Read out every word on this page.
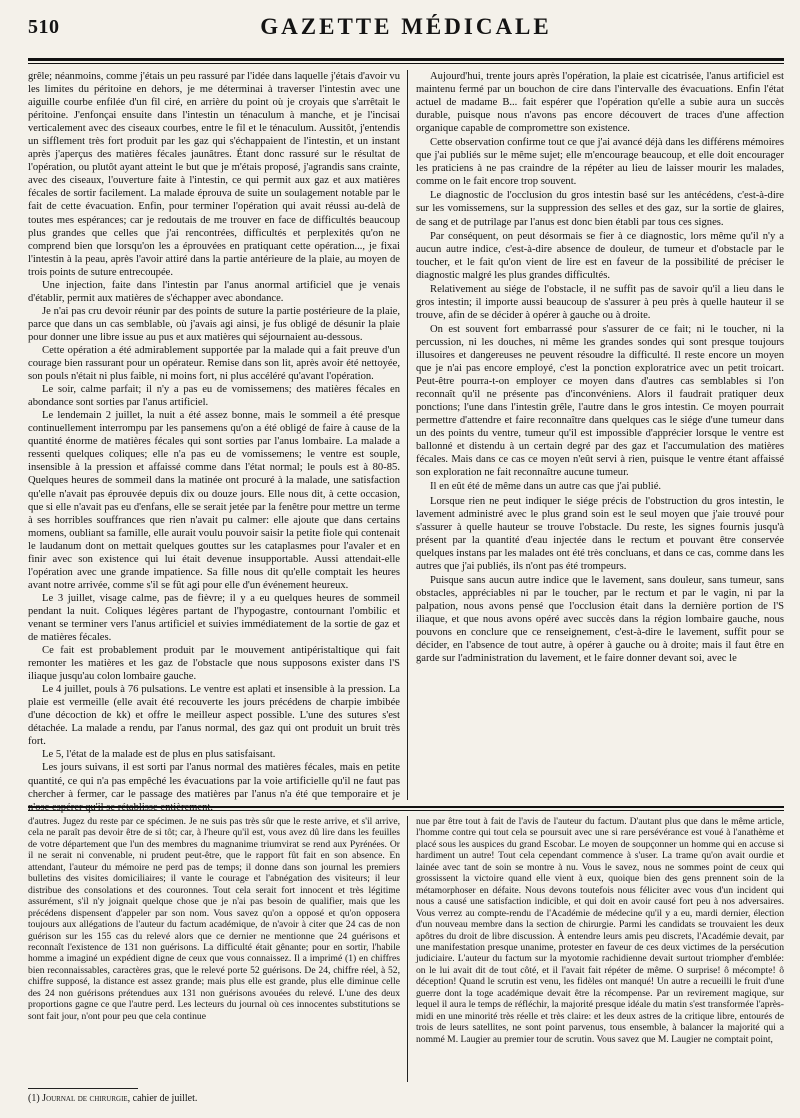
510	GAZETTE MÉDICALE

grêle; néanmoins, comme j'étais un peu rassuré par l'idée dans laquelle j'étais d'avoir vu les limites du péritoine en dehors, je me déterminai à traverser l'intestin avec une aiguille courbe enfilée d'un fil ciré, en arrière du point où je croyais que s'arrêtait le péritoine. J'enfonçai ensuite dans l'intestin un ténaculum à manche, et je l'incisai verticalement avec des ciseaux courbes, entre le fil et le ténaculum. Aussitôt, j'entendis un sifflement très fort produit par les gaz qui s'échappaient de l'intestin, et un instant après j'aperçus des matières fécales jaunâtres. Étant donc rassuré sur le résultat de l'opération, ou plutôt ayant atteint le but que je m'étais proposé, j'agrandis sans crainte, avec des ciseaux, l'ouverture faite à l'intestin, ce qui permit aux gaz et aux matières fécales de sortir facilement. La malade éprouva de suite un soulagement notable par le fait de cette évacuation. Enfin, pour terminer l'opération qui avait réussi au-delà de toutes mes espérances; car je redoutais de me trouver en face de difficultés beaucoup plus grandes que celles que j'ai rencontrées, difficultés et perplexités qu'on ne comprend bien que lorsqu'on les a éprouvées en pratiquant cette opération..., je fixai l'intestin à la peau, après l'avoir attiré dans la partie antérieure de la plaie, au moyen de trois points de suture entrecoupée.

Une injection, faite dans l'intestin par l'anus anormal artificiel que je venais d'établir, permit aux matières de s'échapper avec abondance.

Je n'ai pas cru devoir réunir par des points de suture la partie postérieure de la plaie, parce que dans un cas semblable, où j'avais agi ainsi, je fus obligé de désunir la plaie pour donner une libre issue au pus et aux matières qui séjournaient au-dessous.

Cette opération a été admirablement supportée par la malade qui a fait preuve d'un courage bien rassurant pour un opérateur. Remise dans son lit, après avoir été nettoyée, son pouls n'était ni plus faible, ni moins fort, ni plus accéléré qu'avant l'opération.

Le soir, calme parfait; il n'y a pas eu de vomissemens; des matières fécales en abondance sont sorties par l'anus artificiel.

Le lendemain 2 juillet, la nuit a été assez bonne, mais le sommeil a été presque continuellement interrompu par les pansemens qu'on a été obligé de faire à cause de la quantité énorme de matières fécales qui sont sorties par l'anus lombaire. La malade a ressenti quelques coliques; elle n'a pas eu de vomissemens; le ventre est souple, insensible à la pression et affaissé comme dans l'état normal; le pouls est à 80-85. Quelques heures de sommeil dans la matinée ont procuré à la malade, une satisfaction qu'elle n'avait pas éprouvée depuis dix ou douze jours. Elle nous dit, à cette occasion, que si elle n'avait pas eu d'enfans, elle se serait jetée par la fenêtre pour mettre un terme à ses horribles souffrances que rien n'avait pu calmer: elle ajoute que dans certains momens, oubliant sa famille, elle aurait voulu pouvoir saisir la petite fiole qui contenait le laudanum dont on mettait quelques gouttes sur les cataplasmes pour l'avaler et en finir avec son existence qui lui était devenue insupportable. Aussi attendait-elle l'opération avec une grande impatience. Sa fille nous dit qu'elle comptait les heures avant notre arrivée, comme s'il se fût agi pour elle d'un événement heureux.

Le 3 juillet, visage calme, pas de fièvre; il y a eu quelques heures de sommeil pendant la nuit. Coliques légères partant de l'hypogastre, contournant l'ombilic et venant se terminer vers l'anus artificiel et suivies immédiatement de la sortie de gaz et de matières fécales.

Ce fait est probablement produit par le mouvement antipéristaltique qui fait remonter les matières et les gaz de l'obstacle que nous supposons exister dans l'S iliaque jusqu'au colon lombaire gauche.

Le 4 juillet, pouls à 76 pulsations. Le ventre est aplati et insensible à la pression. La plaie est vermeille (elle avait été recouverte les jours précédens de charpie imbibée d'une décoction de kk) et offre le meilleur aspect possible. L'une des sutures s'est détachée. La malade a rendu, par l'anus normal, des gaz qui ont produit un bruit très fort.

Le 5, l'état de la malade est de plus en plus satisfaisant.

Les jours suivans, il est sorti par l'anus normal des matières fécales, mais en petite quantité, ce qui n'a pas empêché les évacuations par la voie artificielle qu'il ne faut pas chercher à fermer, car le passage des matières par l'anus n'a été que temporaire et je n'ose espérer qu'il se rétablisse entièrement.

Aujourd'hui, trente jours après l'opération, la plaie est cicatrisée, l'anus artificiel est maintenu fermé par un bouchon de cire dans l'intervalle des évacuations. Enfin l'état actuel de madame B... fait espérer que l'opération qu'elle a subie aura un succès durable, puisque nous n'avons pas encore découvert de traces d'une affection organique capable de compromettre son existence.

Cette observation confirme tout ce que j'ai avancé déjà dans les différens mémoires que j'ai publiés sur le même sujet; elle m'encourage beaucoup, et elle doit encourager les praticiens à ne pas craindre de la répéter au lieu de laisser mourir les malades, comme on le fait encore trop souvent.

Le diagnostic de l'occlusion du gros intestin basé sur les antécédens, c'est-à-dire sur les vomissemens, sur la suppression des selles et des gaz, sur la sortie de glaires, de sang et de putrilage par l'anus est donc bien établi par tous ces signes.

Par conséquent, on peut désormais se fier à ce diagnostic, lors même qu'il n'y a aucun autre indice, c'est-à-dire absence de douleur, de tumeur et d'obstacle par le toucher, et le fait qu'on vient de lire est en faveur de la possibilité de préciser le diagnostic malgré les plus grandes difficultés.

Relativement au siége de l'obstacle, il ne suffit pas de savoir qu'il a lieu dans le gros intestin; il importe aussi beaucoup de s'assurer à peu près à quelle hauteur il se trouve, afin de se décider à opérer à gauche ou à droite.

On est souvent fort embarrassé pour s'assurer de ce fait; ni le toucher, ni la percussion, ni les douches, ni même les grandes sondes qui sont presque toujours illusoires et dangereuses ne peuvent résoudre la difficulté. Il reste encore un moyen que je n'ai pas encore employé, c'est la ponction exploratrice avec un petit troicart. Peut-être pourra-t-on employer ce moyen dans d'autres cas semblables si l'on reconnaît qu'il ne présente pas d'inconvéniens. Alors il faudrait pratiquer deux ponctions; l'une dans l'intestin grêle, l'autre dans le gros intestin. Ce moyen pourrait permettre d'attendre et faire reconnaître dans quelques cas le siége d'une tumeur dans un des points du ventre, tumeur qu'il est impossible d'apprécier lorsque le ventre est ballonné et distendu à un certain degré par des gaz et l'accumulation des matières fécales. Mais dans ce cas ce moyen n'eût servi à rien, puisque le ventre étant affaissé son exploration ne fait reconnaître aucune tumeur.

Il en eût été de même dans un autre cas que j'ai publié.

Lorsque rien ne peut indiquer le siége précis de l'obstruction du gros intestin, le lavement administré avec le plus grand soin est le seul moyen que j'aie trouvé pour s'assurer à quelle hauteur se trouve l'obstacle. Du reste, les signes fournis jusqu'à présent par la quantité d'eau injectée dans le rectum et pouvant être conservée quelques instans par les malades ont été très concluans, et dans ce cas, comme dans les autres que j'ai publiés, ils n'ont pas été trompeurs.

Puisque sans aucun autre indice que le lavement, sans douleur, sans tumeur, sans obstacles, appréciables ni par le toucher, par le rectum et par le vagin, ni par la palpation, nous avons pensé que l'occlusion était dans la dernière portion de l'S iliaque, et que nous avons opéré avec succès dans la région lombaire gauche, nous pouvons en conclure que ce renseignement, c'est-à-dire le lavement, suffit pour se décider, en l'absence de tout autre, à opérer à gauche ou à droite; mais il faut être en garde sur l'administration du lavement, et le faire donner devant soi, avec le

d'autres. Jugez du reste par ce spécimen. Je ne suis pas très sûr que le reste arrive, et s'il arrive, cela ne paraît pas devoir être de si tôt; car, à l'heure qu'il est, vous avez dû lire dans les feuilles de votre département que l'un des membres du magnanime triumvirat se rend aux Pyrénées. Or il ne serait ni convenable, ni prudent peut-être, que le rapport fût fait en son absence. En attendant, l'auteur du mémoire ne perd pas de temps; il donne dans son journal les premiers bulletins des visites domiciliaires; il vante le courage et l'abnégation des visiteurs; il leur distribue des consolations et des couronnes. Tout cela serait fort innocent et très légitime assurément, s'il n'y joignait quelque chose que je n'ai pas besoin de qualifier, mais que les précédens dispensent d'appeler par son nom. Vous savez qu'on a opposé et qu'on opposera toujours aux allégations de l'auteur du factum académique, de n'avoir à citer que 24 cas de non guérison sur les 155 cas du relevé alors que ce dernier ne mentionne que 24 guérisons et reconnaît l'existence de 131 non guérisons. La difficulté était gênante; pour en sortir, l'habile homme a imaginé un expédient digne de ceux que vous connaissez. Il a imprimé (1) en chiffres bien reconnaissables, caractères gras, que le relevé porte 52 guérisons. De 24, chiffre réel, à 52, chiffre supposé, la distance est assez grande; mais plus elle est grande, plus elle diminue celle des 24 non guérisons prétendues aux 131 non guérisons avouées du relevé. L'une des deux proportions gagne ce que l'autre perd. Les lecteurs du journal où ces innocentes substitutions se sont fait jour, n'ont pour peu que cela continue

nue par être tout à fait de l'avis de l'auteur du factum. D'autant plus que dans le même article, l'homme contre qui tout cela se poursuit avec une si rare persévérance est voué à l'anathème et placé sous les auspices du grand Escobar. Le moyen de soupçonner un homme qui en accuse si hardiment un autre! Tout cela cependant commence à s'user. La trame qu'on avait ourdie et lainée avec tant de soin se montre à nu. Vous le savez, nous ne sommes point de ceux qui grossissent la victoire quand elle vient à eux, quoique bien des gens prennent soin de la métamorphoser en défaite. Nous devons toutefois nous féliciter avec vous d'un incident qui nous a causé une satisfaction indicible, et qui doit en avoir causé fort peu à nos adversaires. Vous verrez au compte-rendu de l'Académie de médecine qu'il y a eu, mardi dernier, élection d'un nouveau membre dans la section de chirurgie. Parmi les candidats se trouvaient les deux apôtres du droit de libre discussion. À entendre leurs amis peu discrets, l'Académie devait, par une manifestation presque unanime, protester en faveur de ces deux victimes de la persécution judiciaire. L'auteur du factum sur la myotomie rachidienne devait surtout triompher d'emblée: on le lui avait dit de tout côté, et il l'avait fait répéter de même. O surprise! ô mécompte! ô déception! Quand le scrutin est venu, les fidèles ont manqué! Un autre a recueilli le fruit d'une guerre dont la toge académique devait être la récompense. Par un revirement magique, sur lequel il aura le temps de réfléchir, la majorité presque idéale du matin s'est transformée l'après-midi en une minorité très réelle et très claire: et les deux astres de la critique libre, entourés de trois de leurs satellites, ne sont point parvenus, tous ensemble, à balancer la majorité qui a nommé M. Laugier au premier tour de scrutin. Vous savez que M. Laugier ne comptait point,

(1) Journal de chirurgie, cahier de juillet.
